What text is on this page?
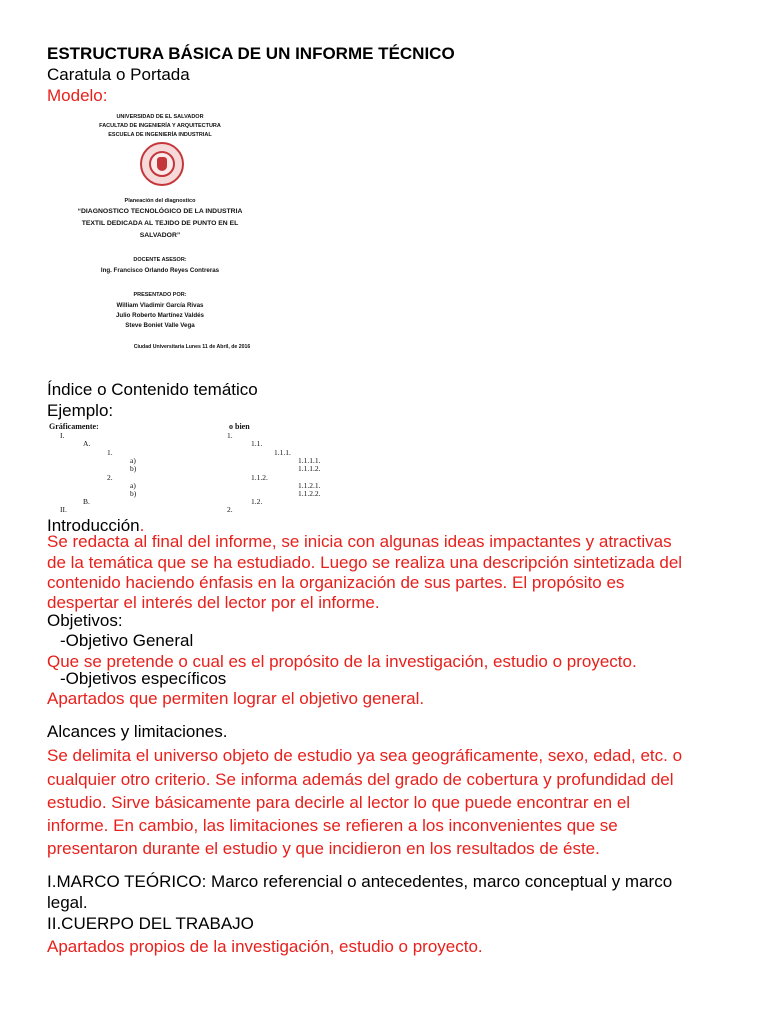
ESTRUCTURA BÁSICA DE UN INFORME TÉCNICO
Caratula o Portada
Modelo:
UNIVERSIDAD DE EL SALVADOR
FACULTAD DE INGENIERÍA Y ARQUITECTURA
ESCUELA DE INGENIERÍA INDUSTRIAL
Planeación del diagnostico
“DIAGNOSTICO TECNOLÓGICO DE LA INDUSTRIA
TEXTIL DEDICADA AL TEJIDO DE PUNTO EN EL
SALVADOR”
DOCENTE ASESOR:
Ing. Francisco Orlando Reyes Contreras
PRESENTADO POR:
William Vladimir García Rivas
Julio Roberto Martínez Valdés
Steve Boniet Valle Vega
Ciudad Universitaria Lunes 11 de Abril, de 2016
Índice o Contenido temático
Ejemplo:
Gráficamente:	o bien
I.
A.
1.
a)
b)
2.
a)
b)
B.
II.
1.
1.1.
1.1.1.
1.1.1.1.
1.1.1.2.
1.1.2.
1.1.2.1.
1.1.2.2.
1.2.
2.
Introducción.
Se redacta al final del informe, se inicia con algunas ideas impactantes y atractivas
de la temática que se ha estudiado. Luego se realiza una descripción sintetizada del
contenido haciendo énfasis en la organización de sus partes. El propósito es
despertar el interés del lector por el informe.
Objetivos:
-Objetivo General
Que se pretende o cual es el propósito de la investigación, estudio o proyecto.
-Objetivos específicos
Apartados que permiten lograr el objetivo general.
Alcances y limitaciones.
Se delimita el universo objeto de estudio ya sea geográficamente, sexo, edad, etc. o
cualquier otro criterio. Se informa además del grado de cobertura y profundidad del
estudio. Sirve básicamente para decirle al lector lo que puede encontrar en el
informe. En cambio, las limitaciones se refieren a los inconvenientes que se
presentaron durante el estudio y que incidieron en los resultados de éste.
I.MARCO TEÓRICO: Marco referencial o antecedentes, marco conceptual y marco
legal.
II.CUERPO DEL TRABAJO
Apartados propios de la investigación, estudio o proyecto.
